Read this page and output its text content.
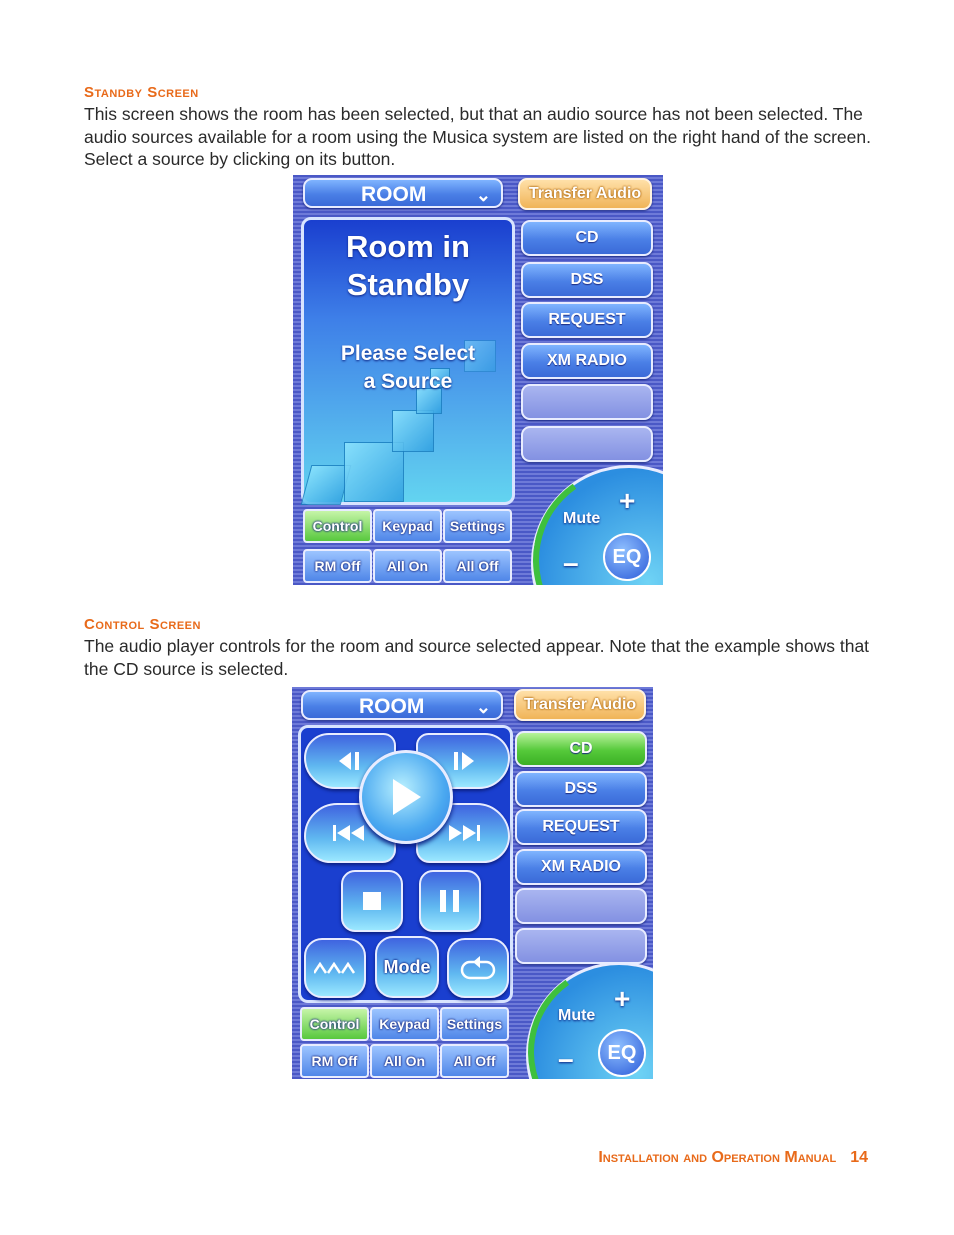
Standby Screen
This screen shows the room has been selected, but that an audio source has not been selected. The audio sources available for a room using the Musica system are listed on the right hand of the screen. Select a source by clicking on its button.
ROOM	⌄	Transfer Audio
Room in
Standby
Please Select
a Source
CD
DSS
REQUEST
XM RADIO
Control	Keypad	Settings
RM Off	All On	All Off
Mute
+
–	EQ
Control Screen
The audio player controls for the room and source selected appear. Note that the example shows that the CD source is selected.
ROOM	⌄	Transfer Audio
Mode
CD
DSS
REQUEST
XM RADIO
Control	Keypad	Settings
RM Off	All On	All Off
Mute
+
–	EQ
Installation and Operation Manual 14
